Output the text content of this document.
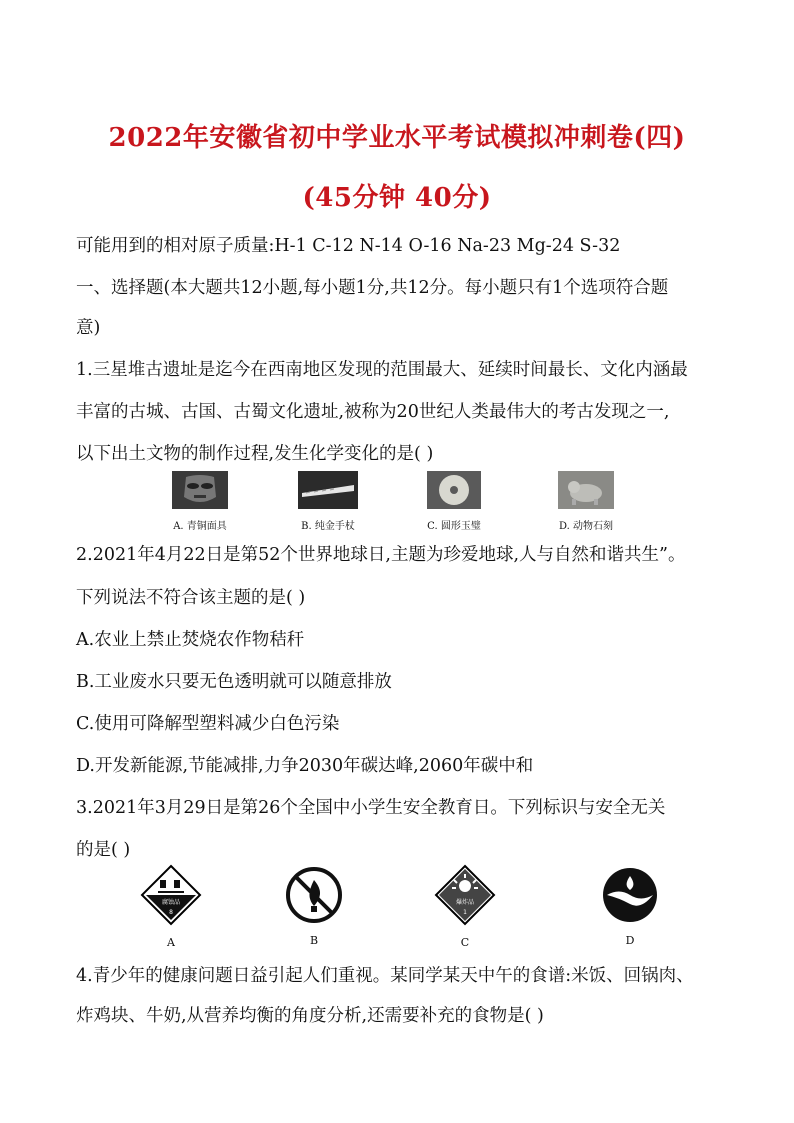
2022年安徽省初中学业水平考试模拟冲刺卷(四)
(45分钟 40分)
可能用到的相对原子质量:H-1 C-12 N-14 O-16 Na-23 Mg-24 S-32
一、选择题(本大题共12小题,每小题1分,共12分。每小题只有1个选项符合题
意)
1.三星堆古遗址是迄今在西南地区发现的范围最大、延续时间最长、文化内涵最
丰富的古城、古国、古蜀文化遗址,被称为20世纪人类最伟大的考古发现之一,
以下出土文物的制作过程,发生化学变化的是( )
A. 青铜面具	B. 纯金手杖	C. 圆形玉璧	D. 动物石刻
2.2021年4月22日是第52个世界地球日,主题为珍爱地球,人与自然和谐共生”。
下列说法不符合该主题的是( )
A.农业上禁止焚烧农作物秸秆
B.工业废水只要无色透明就可以随意排放
C.使用可降解型塑料减少白色污染
D.开发新能源,节能减排,力争2030年碳达峰,2060年碳中和
3.2021年3月29日是第26个全国中小学生安全教育日。下列标识与安全无关
的是( )
腐蚀品
8
A	B
爆炸品
1
C	D
4.青少年的健康问题日益引起人们重视。某同学某天中午的食谱:米饭、回锅肉、
炸鸡块、牛奶,从营养均衡的角度分析,还需要补充的食物是( )
